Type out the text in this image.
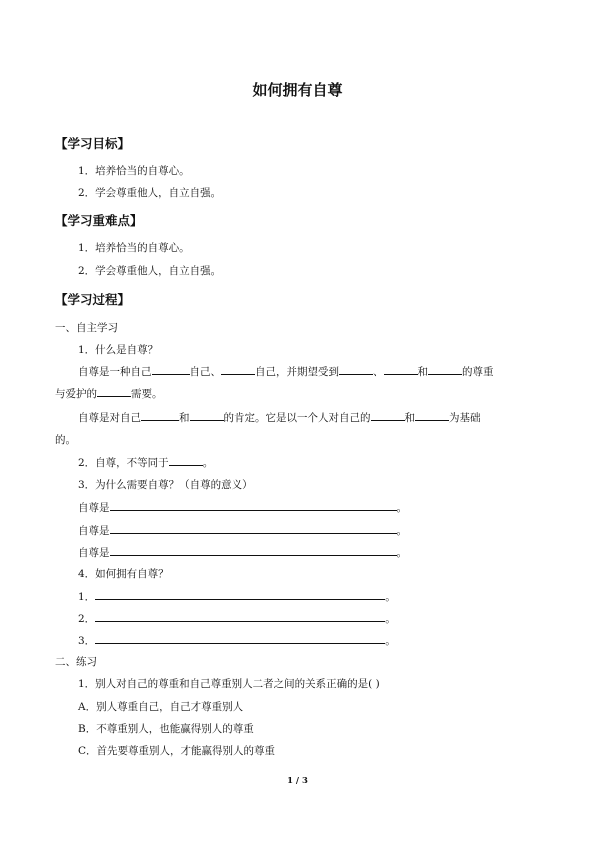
如何拥有自尊
【学习目标】
1．培养恰当的自尊心。
2．学会尊重他人，自立自强。
【学习重难点】
1．培养恰当的自尊心。
2．学会尊重他人，自立自强。
【学习过程】
一、自主学习
1．什么是自尊？
自尊是一种自己	自己、	自己，并期望受到	、	和	的尊重
与爱护的	需要。
自尊是对自己	和	的肯定。它是以一个人对自己的	和	为基础
的。
2．自尊，不等同于	。
3．为什么需要自尊？（自尊的意义）
自尊是	。
自尊是	。
自尊是	。
4．如何拥有自尊？
1．	。
2．	。
3．	。
二、练习
1．别人对自己的尊重和自己尊重别人二者之间的关系正确的是( )
A．别人尊重自己，自己才尊重别人
B．不尊重别人，也能赢得别人的尊重
C．首先要尊重别人，才能赢得别人的尊重
1 / 3
